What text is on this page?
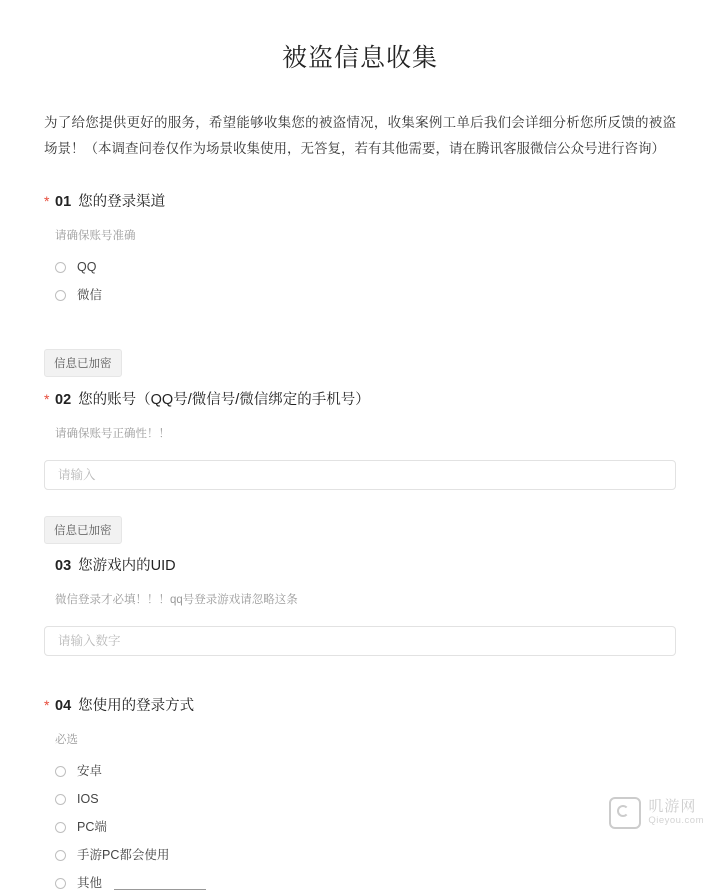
被盗信息收集

为了给您提供更好的服务，希望能够收集您的被盗情况，收集案例工单后我们会详细分析您所反馈的被盗场景！（本调查问卷仅作为场景收集使用，无答复，若有其他需要，请在腾讯客服微信公众号进行咨询）

* 01 您的登录渠道
请确保账号准确
QQ
微信
信息已加密
* 02 您的账号（QQ号/微信号/微信绑定的手机号）
请确保账号正确性！！
请输入
信息已加密
03 您游戏内的UID
微信登录才必填！！！qq号登录游戏请忽略这条
请输入数字
* 04 您使用的登录方式
必选
安卓
IOS
PC端
手游PC都会使用
其他
叽游网
Qieyou.com
